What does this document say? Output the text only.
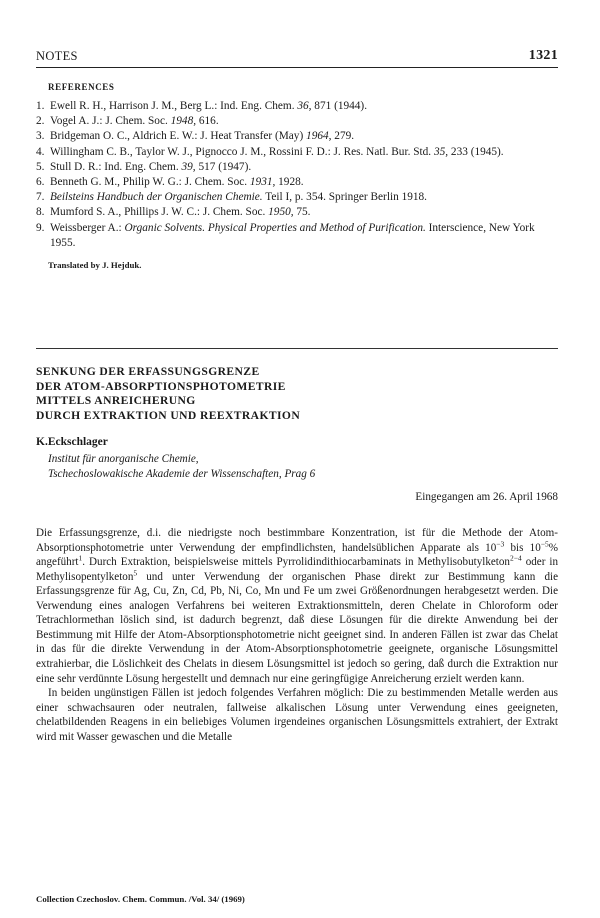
NOTES	1321
REFERENCES
1. Ewell R. H., Harrison J. M., Berg L.: Ind. Eng. Chem. 36, 871 (1944).
2. Vogel A. J.: J. Chem. Soc. 1948, 616.
3. Bridgeman O. C., Aldrich E. W.: J. Heat Transfer (May) 1964, 279.
4. Willingham C. B., Taylor W. J., Pignocco J. M., Rossini F. D.: J. Res. Natl. Bur. Std. 35, 233 (1945).
5. Stull D. R.: Ind. Eng. Chem. 39, 517 (1947).
6. Benneth G. M., Philip W. G.: J. Chem. Soc. 1931, 1928.
7. Beilsteins Handbuch der Organischen Chemie. Teil I, p. 354. Springer Berlin 1918.
8. Mumford S. A., Phillips J. W. C.: J. Chem. Soc. 1950, 75.
9. Weissberger A.: Organic Solvents. Physical Properties and Method of Purification. Interscience, New York 1955.
Translated by J. Hejduk.
SENKUNG DER ERFASSUNGSGRENZE
DER ATOM-ABSORPTIONSPHOTOMETRIE
MITTELS ANREICHERUNG
DURCH EXTRAKTION UND REEXTRAKTION
K.Eckschlager
Institut für anorganische Chemie,
Tschechoslowakische Akademie der Wissenschaften, Prag 6
Eingegangen am 26. April 1968

Die Erfassungsgrenze, d.i. die niedrigste noch bestimmbare Konzentration, ist für die Methode der Atom-Absorptionsphotometrie unter Verwendung der empfindlichsten, handelsüblichen Apparate als $10^{-3}$ bis $10^{-5}\%$ angeführt$^1$. Durch Extraktion, beispielsweise mittels Pyrrolidindithiocarbaminats in Methylisobutylketon$^{2-4}$ oder in Methylisopentylketon$^5$ und unter Verwendung der organischen Phase direkt zur Bestimmung kann die Erfassungsgrenze für Ag, Cu, Zn, Cd, Pb, Ni, Co, Mn und Fe um zwei Größenordnungen herabgesetzt werden. Die Verwendung eines analogen Verfahrens bei weiteren Extraktionsmitteln, deren Chelate in Chloroform oder Tetrachlormethan löslich sind, ist dadurch begrenzt, daß diese Lösungen für die direkte Anwendung bei der Bestimmung mit Hilfe der Atom-Absorptionsphotometrie nicht geeignet sind. In anderen Fällen ist zwar das Chelat in das für die direkte Verwendung in der Atom-Absorptionsphotometrie geeignete, organische Lösungsmittel extrahierbar, die Löslichkeit des Chelats in diesem Lösungsmittel ist jedoch so gering, daß durch die Extraktion nur eine sehr verdünnte Lösung hergestellt und demnach nur eine geringfügige Anreicherung erzielt werden kann.

In beiden ungünstigen Fällen ist jedoch folgendes Verfahren möglich: Die zu bestimmenden Metalle werden aus einer schwachsauren oder neutralen, fallweise alkalischen Lösung unter Verwendung eines geeigneten, chelatbildenden Reagens in ein beliebiges Volumen irgendeines organischen Lösungsmittels extrahiert, der Extrakt wird mit Wasser gewaschen und die Metalle

Collection Czechoslov. Chem. Commun. /Vol. 34/ (1969)
